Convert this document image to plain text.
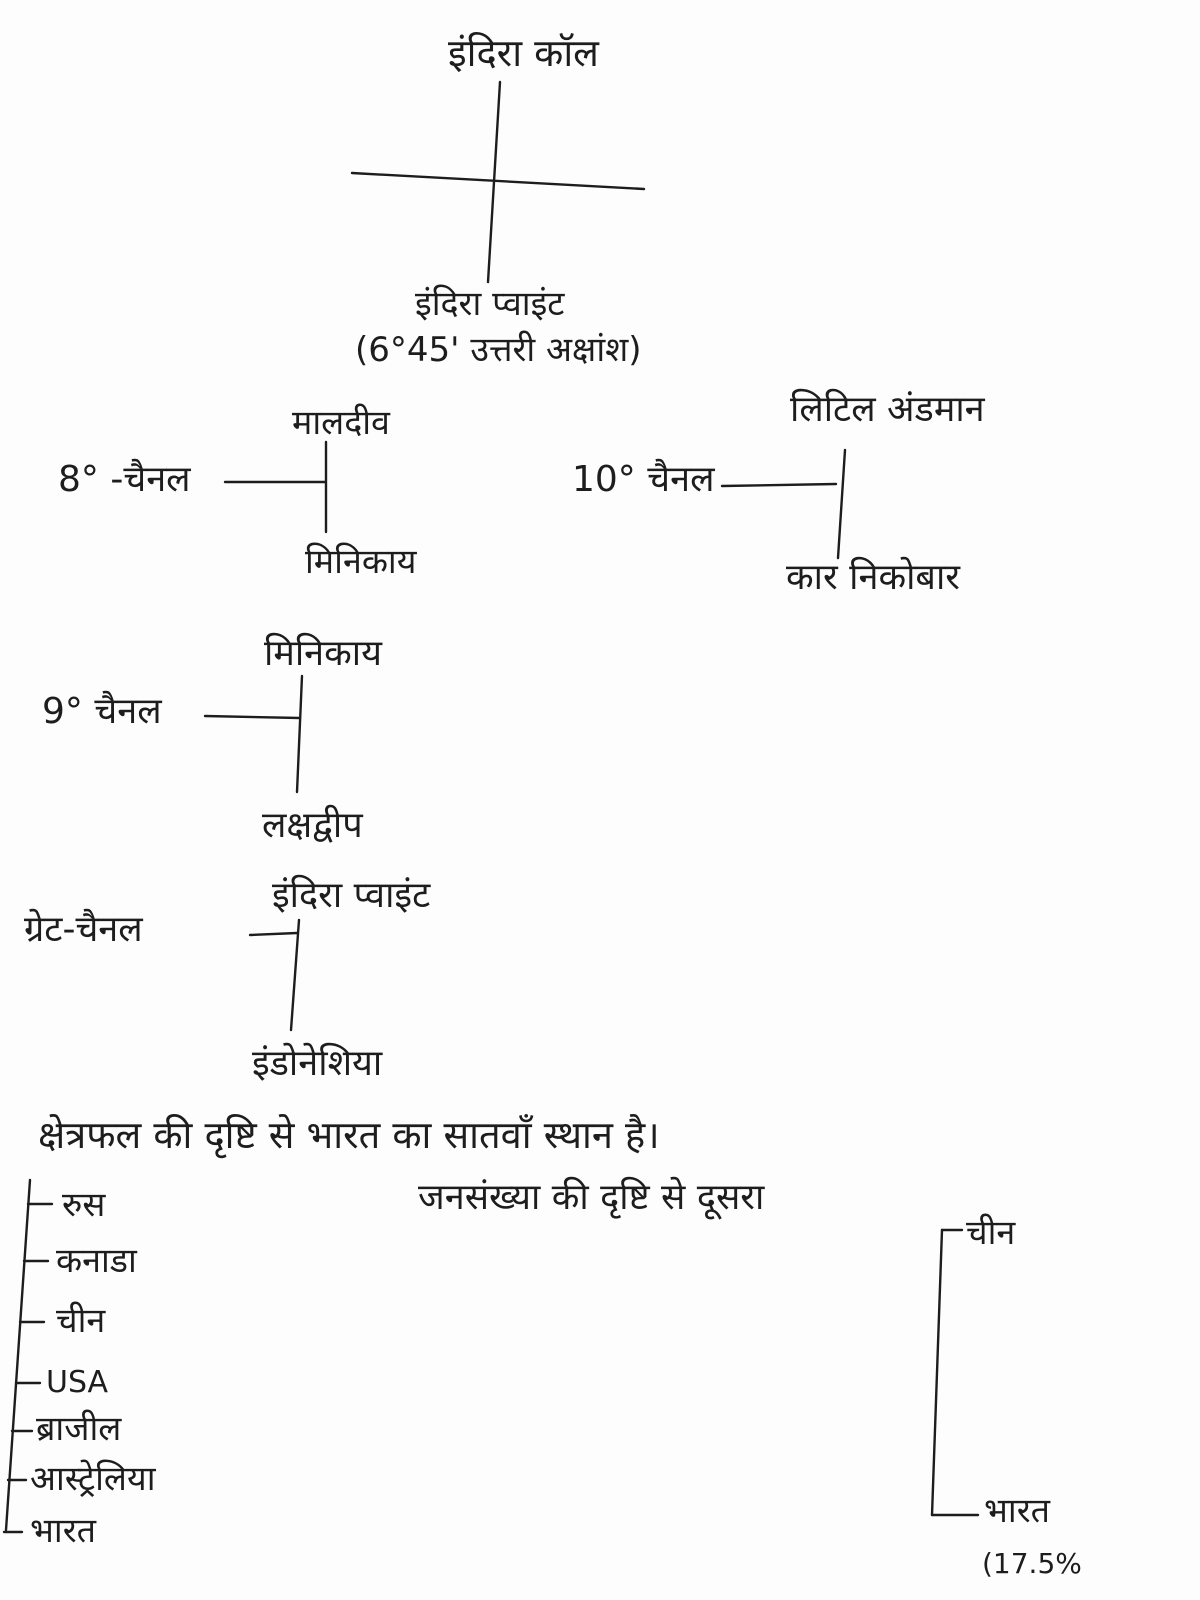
इंदिरा कॉल
इंदिरा प्वाइंट
(6°45' उत्तरी अक्षांश)
8° -चैनल
मालदीव
मिनिकाय
10° चैनल
लिटिल अंडमान
कार निकोबार
9° चैनल
मिनिकाय
लक्षद्वीप
ग्रेट-चैनल
इंदिरा प्वाइंट
इंडोनेशिया
क्षेत्रफल की दृष्टि से भारत का सातवाँ स्थान है।
रुस
कनाडा
चीन
USA
ब्राजील
आस्ट्रेलिया
भारत
जनसंख्या की दृष्टि से दूसरा
चीन
भारत
(17.5%
